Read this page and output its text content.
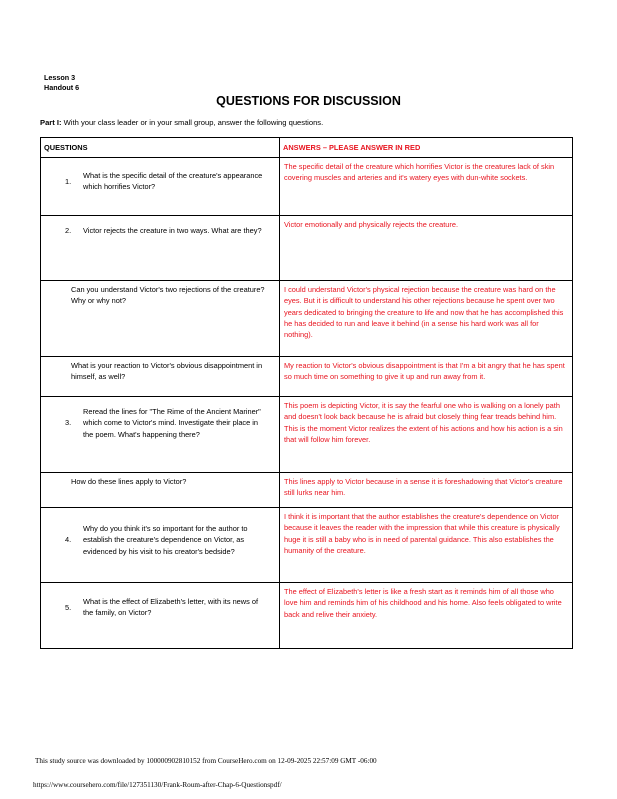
Lesson 3
Handout 6
QUESTIONS FOR DISCUSSION
Part I: With your class leader or in your small group, answer the following questions.
QUESTIONS	ANSWERS – PLEASE ANSWER IN RED

1.
What is the specific detail of the creature's appearance which horrifies Victor?	The specific detail of the creature which horrifies Victor is the creatures lack of skin covering muscles and arteries and it's watery eyes with dun-white sockets.

2. Victor rejects the creature in two ways. What are they?	Victor emotionally and physically rejects the creature.

Can you understand Victor's two rejections of the creature? Why or why not?	I could understand Victor's physical rejection because the creature was hard on the eyes. But it is difficult to understand his other rejections because he spent over two years dedicated to bringing the creature to life and now that he has accomplished this he has decided to run and leave it behind (in a sense his hard work was all for nothing).

What is your reaction to Victor's obvious disappointment in himself, as well?	My reaction to Victor's obvious disappointment is that I'm a bit angry that he has spent so much time on something to give it up and run away from it.

3.
Reread the lines for "The Rime of the Ancient Mariner" which come to Victor's mind. Investigate their place in the poem. What's happening there?	This poem is depicting Victor, it is say the fearful one who is walking on a lonely path and doesn't look back because he is afraid but closely thing fear treads behind him. This is the moment Victor realizes the extent of his actions and how his action is a sin that will follow him forever.

How do these lines apply to Victor?	This lines apply to Victor because in a sense it is foreshadowing that Victor's creature still lurks near him.

4.
Why do you think it's so important for the author to establish the creature's dependence on Victor, as evidenced by his visit to his creator's bedside?	I think it is important that the author establishes the creature's dependence on Victor because it leaves the reader with the impression that while this creature is physically huge it is still a baby who is in need of parental guidance. This also establishes the humanity of the creature.

5.
What is the effect of Elizabeth's letter, with its news of the family, on Victor?	The effect of Elizabeth's letter is like a fresh start as it reminds him of all those who love him and reminds him of his childhood and his home. Also feels obligated to write back and relive their anxiety.
This study source was downloaded by 100000902810152 from CourseHero.com on 12-09-2025 22:57:09 GMT -06:00
https://www.coursehero.com/file/127351130/Frank-Roum-after-Chap-6-Questionspdf/
